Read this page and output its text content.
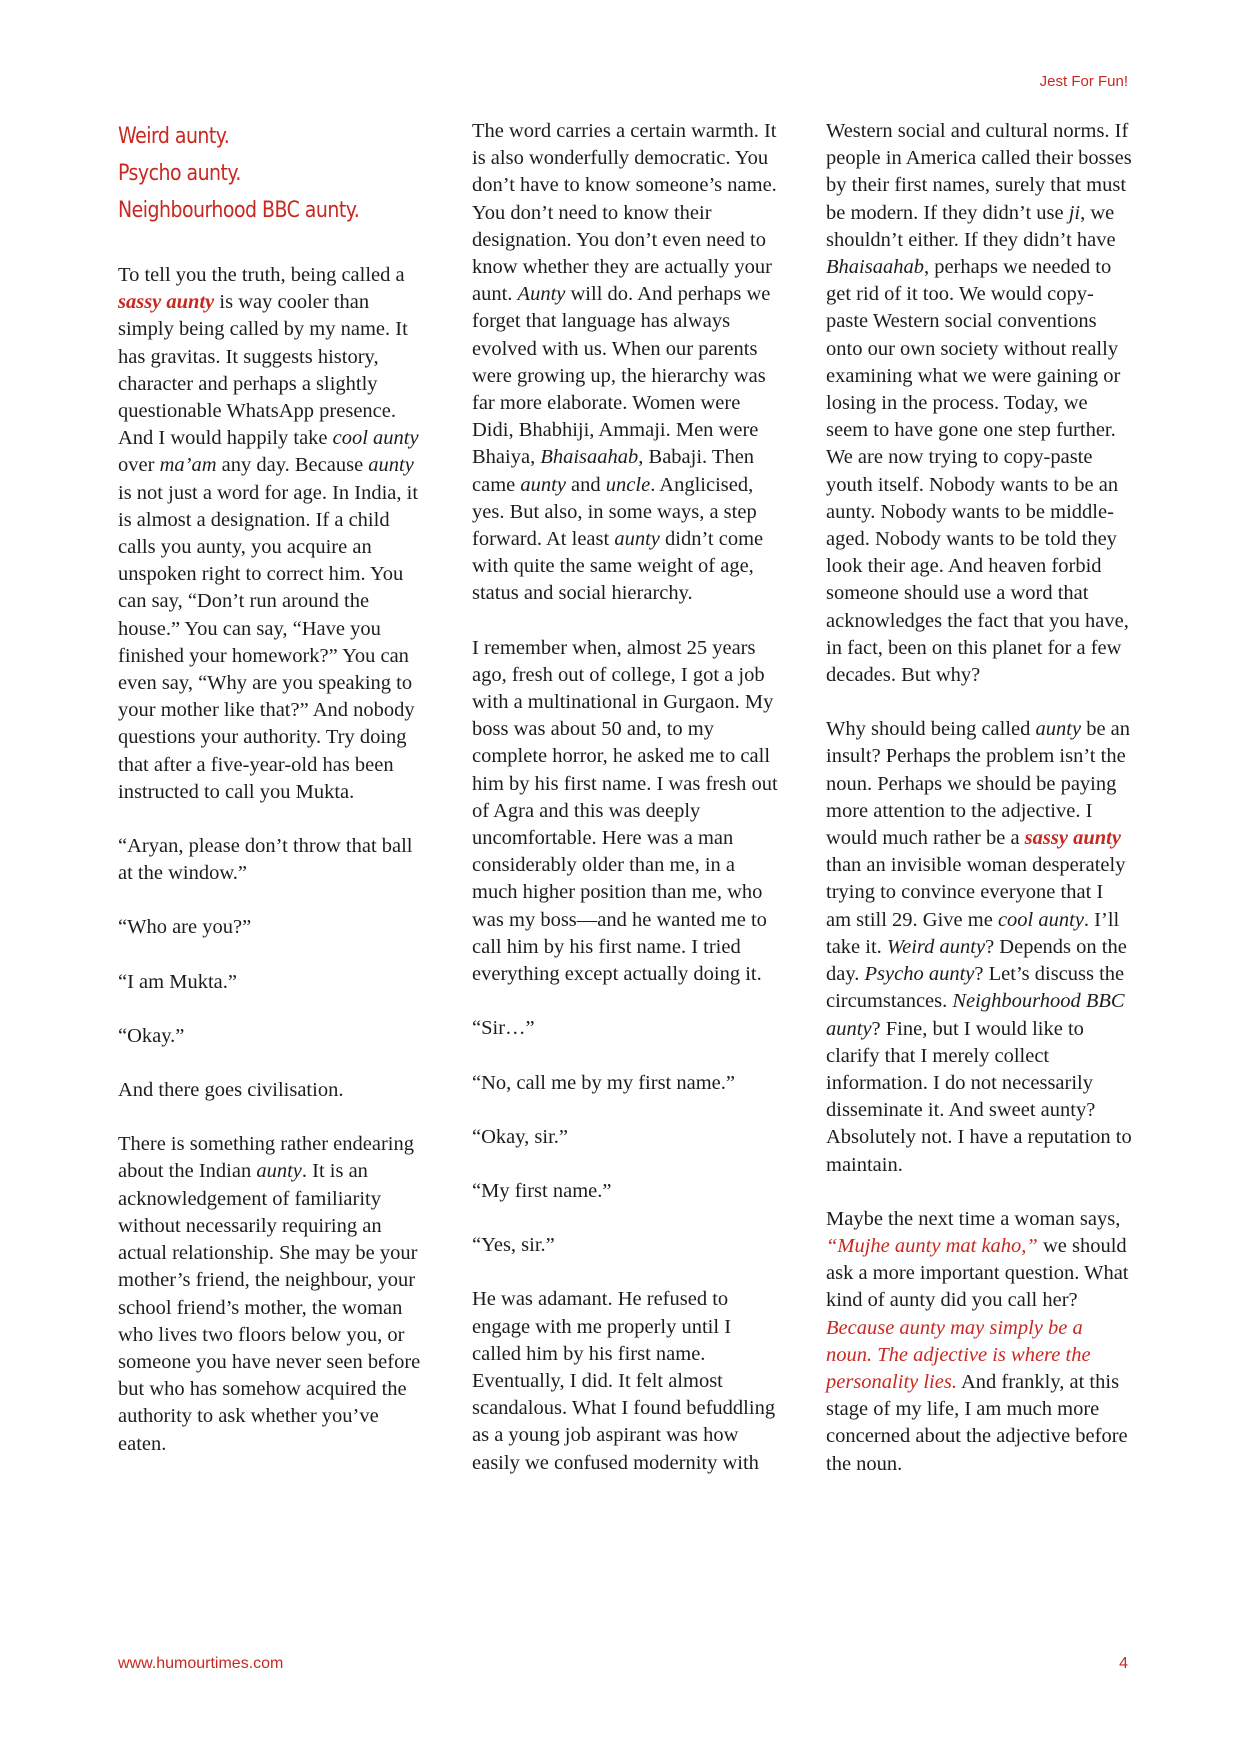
Jest For Fun!
Weird aunty.
Psycho aunty.
Neighbourhood BBC aunty.

To tell you the truth, being called a sassy aunty is way cooler than simply being called by my name. It has gravitas. It suggests history, character and perhaps a slightly questionable WhatsApp presence. And I would happily take cool aunty over ma’am any day. Because aunty is not just a word for age. In India, it is almost a designation. If a child calls you aunty, you acquire an unspoken right to correct him. You can say, “Don’t run around the house.” You can say, “Have you finished your homework?” You can even say, “Why are you speaking to your mother like that?” And nobody questions your authority. Try doing that after a five-year-old has been instructed to call you Mukta.

“Aryan, please don’t throw that ball at the window.”

“Who are you?”

“I am Mukta.”

“Okay.”

And there goes civilisation.

There is something rather endearing about the Indian aunty. It is an acknowledgement of familiarity without necessarily requiring an actual relationship. She may be your mother’s friend, the neighbour, your school friend’s mother, the woman who lives two floors below you, or someone you have never seen before but who has somehow acquired the authority to ask whether you’ve eaten.

The word carries a certain warmth. It is also wonderfully democratic. You don’t have to know someone’s name. You don’t need to know their designation. You don’t even need to know whether they are actually your aunt. Aunty will do. And perhaps we forget that language has always evolved with us. When our parents were growing up, the hierarchy was far more elaborate. Women were Didi, Bhabhiji, Ammaji. Men were Bhaiya, Bhaisaahab, Babaji. Then came aunty and uncle. Anglicised, yes. But also, in some ways, a step forward. At least aunty didn’t come with quite the same weight of age, status and social hierarchy.

I remember when, almost 25 years ago, fresh out of college, I got a job with a multinational in Gurgaon. My boss was about 50 and, to my complete horror, he asked me to call him by his first name. I was fresh out of Agra and this was deeply uncomfortable. Here was a man considerably older than me, in a much higher position than me, who was my boss—and he wanted me to call him by his first name. I tried everything except actually doing it.

“Sir…”

“No, call me by my first name.”

“Okay, sir.”

“My first name.”

“Yes, sir.”

He was adamant. He refused to engage with me properly until I called him by his first name. Eventually, I did. It felt almost scandalous. What I found befuddling as a young job aspirant was how easily we confused modernity with

Western social and cultural norms. If people in America called their bosses by their first names, surely that must be modern. If they didn’t use ji, we shouldn’t either. If they didn’t have Bhaisaahab, perhaps we needed to get rid of it too. We would copy-paste Western social conventions onto our own society without really examining what we were gaining or losing in the process. Today, we seem to have gone one step further. We are now trying to copy-paste youth itself. Nobody wants to be an aunty. Nobody wants to be middle-aged. Nobody wants to be told they look their age. And heaven forbid someone should use a word that acknowledges the fact that you have, in fact, been on this planet for a few decades. But why?

Why should being called aunty be an insult? Perhaps the problem isn’t the noun. Perhaps we should be paying more attention to the adjective. I would much rather be a sassy aunty than an invisible woman desperately trying to convince everyone that I am still 29. Give me cool aunty. I’ll take it. Weird aunty? Depends on the day. Psycho aunty? Let’s discuss the circumstances. Neighbourhood BBC aunty? Fine, but I would like to clarify that I merely collect information. I do not necessarily disseminate it. And sweet aunty? Absolutely not. I have a reputation to maintain.

Maybe the next time a woman says, “Mujhe aunty mat kaho,” we should ask a more important question. What kind of aunty did you call her? Because aunty may simply be a noun. The adjective is where the personality lies. And frankly, at this stage of my life, I am much more concerned about the adjective before the noun.

www.humourtimes.com	4
